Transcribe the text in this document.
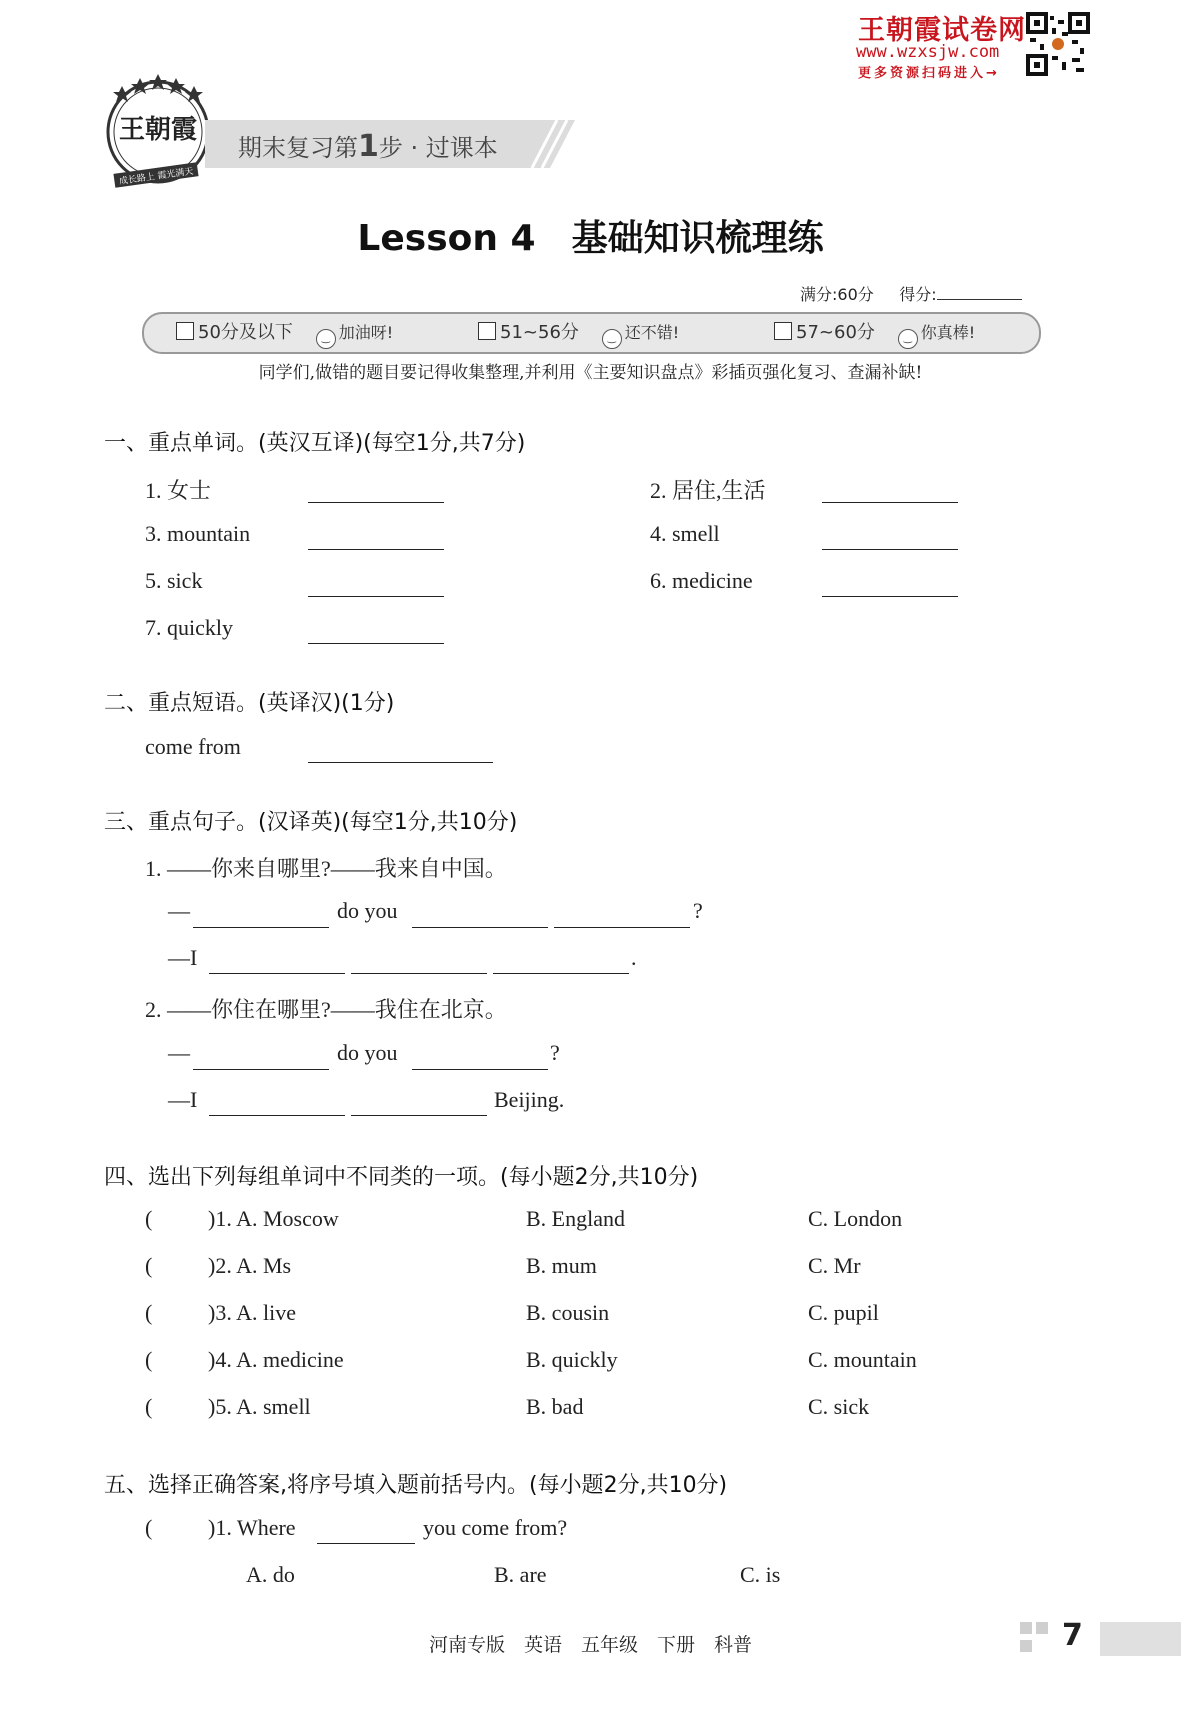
王朝霞试卷网
www.wzxsjw.com
更多资源扫码进入→
王朝霞
成长路上 霞光满天
期末复习第1步 · 过课本
Lesson 4　基础知识梳理练
满分:60分 得分:
50分及以下	‿ 加油呀!	51~56分	‿ 还不错!	57~60分	‿ 你真棒!
同学们,做错的题目要记得收集整理,并利用《主要知识盘点》彩插页强化复习、查漏补缺!
一、重点单词。(英汉互译)(每空1分,共7分)
1. 女士	2. 居住,生活
3. mountain	4. smell
5. sick	6. medicine
7. quickly
二、重点短语。(英译汉)(1分)
come from
三、重点句子。(汉译英)(每空1分,共10分)
1. ——你来自哪里?——我来自中国。
—	do you	?
—I	.
2. ——你住在哪里?——我住在北京。
—	do you	?
—I	Beijing.
四、选出下列每组单词中不同类的一项。(每小题2分,共10分)
(	)1. A. Moscow	B. England	C. London
(	)2. A. Ms	B. mum	C. Mr
(	)3. A. live	B. cousin	C. pupil
(	)4. A. medicine	B. quickly	C. mountain
(	)5. A. smell	B. bad	C. sick
五、选择正确答案,将序号填入题前括号内。(每小题2分,共10分)
(	)1. Where	you come from?
A. do	B. are	C. is
河南专版　英语　五年级　下册　科普	7
